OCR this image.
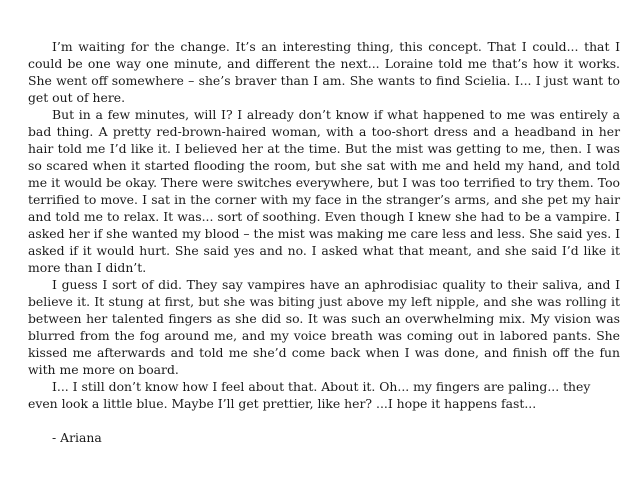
I’m waiting for the change. It’s an interesting thing, this concept. That I could... that I could be one way one minute, and different the next... Loraine told me that’s how it works. She went off somewhere – she’s braver than I am. She wants to find Scielia. I... I just want to get out of here.

But in a few minutes, will I? I already don’t know if what happened to me was entirely a bad thing. A pretty red-brown-haired woman, with a too-short dress and a headband in her hair told me I’d like it. I believed her at the time. But the mist was getting to me, then. I was so scared when it started flooding the room, but she sat with me and held my hand, and told me it would be okay. There were switches everywhere, but I was too terrified to try them. Too terrified to move. I sat in the corner with my face in the stranger’s arms, and she pet my hair and told me to relax. It was... sort of soothing. Even though I knew she had to be a vampire. I asked her if she wanted my blood – the mist was making me care less and less. She said yes. I asked if it would hurt. She said yes and no. I asked what that meant, and she said I’d like it more than I didn’t.

I guess I sort of did. They say vampires have an aphrodisiac quality to their saliva, and I believe it. It stung at first, but she was biting just above my left nipple, and she was rolling it between her talented fingers as she did so. It was such an overwhelming mix. My vision was blurred from the fog around me, and my voice breath was coming out in labored pants. She kissed me afterwards and told me she’d come back when I was done, and finish off the fun with me more on board.

I... I still don’t know how I feel about that. About it. Oh... my fingers are paling... they even look a little blue. Maybe I’ll get prettier, like her? ...I hope it happens fast...

- Ariana
